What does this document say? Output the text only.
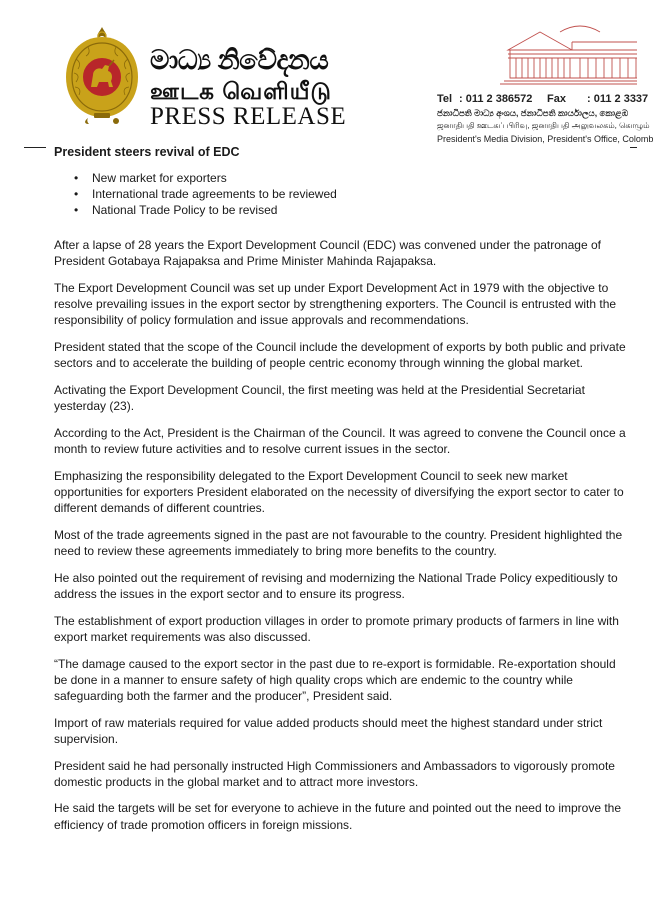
මාධ්‍ය නිවේදනය
ஊடக வெளியீடு
PRESS RELEASE
Tel : 011 2 386572 Fax : 011 2 3337
ජනාධිපති මාධ්‍ය අංශය, ජනාධිපති කාර්යාලය, කොළඹ
ஜனாதிபதி ஊடகப் பிரிவு, ஜனாதிபதி அலுவலகம், கொழும்
President's Media Division, President's Office, Colomb
President steers revival of EDC
• New market for exporters
• International trade agreements to be reviewed
• National Trade Policy to be revised

After a lapse of 28 years the Export Development Council (EDC) was convened under the patronage of President Gotabaya Rajapaksa and Prime Minister Mahinda Rajapaksa.

The Export Development Council was set up under Export Development Act in 1979 with the objective to resolve prevailing issues in the export sector by strengthening exporters. The Council is entrusted with the responsibility of policy formulation and issue approvals and recommendations.

President stated that the scope of the Council include the development of exports by both public and private sectors and to accelerate the building of people centric economy through winning the global market.

Activating the Export Development Council, the first meeting was held at the Presidential Secretariat yesterday (23).

According to the Act, President is the Chairman of the Council. It was agreed to convene the Council once a month to review future activities and to resolve current issues in the sector.

Emphasizing the responsibility delegated to the Export Development Council to seek new market opportunities for exporters President elaborated on the necessity of diversifying the export sector to cater to different demands of different countries.

Most of the trade agreements signed in the past are not favourable to the country. President highlighted the need to review these agreements immediately to bring more benefits to the country.

He also pointed out the requirement of revising and modernizing the National Trade Policy expeditiously to address the issues in the export sector and to ensure its progress.

The establishment of export production villages in order to promote primary products of farmers in line with export market requirements was also discussed.

“The damage caused to the export sector in the past due to re-export is formidable. Re-exportation should be done in a manner to ensure safety of high quality crops which are endemic to the country while safeguarding both the farmer and the producer”, President said.

Import of raw materials required for value added products should meet the highest standard under strict supervision.

President said he had personally instructed High Commissioners and Ambassadors to vigorously promote domestic products in the global market and to attract more investors.

He said the targets will be set for everyone to achieve in the future and pointed out the need to improve the efficiency of trade promotion officers in foreign missions.
